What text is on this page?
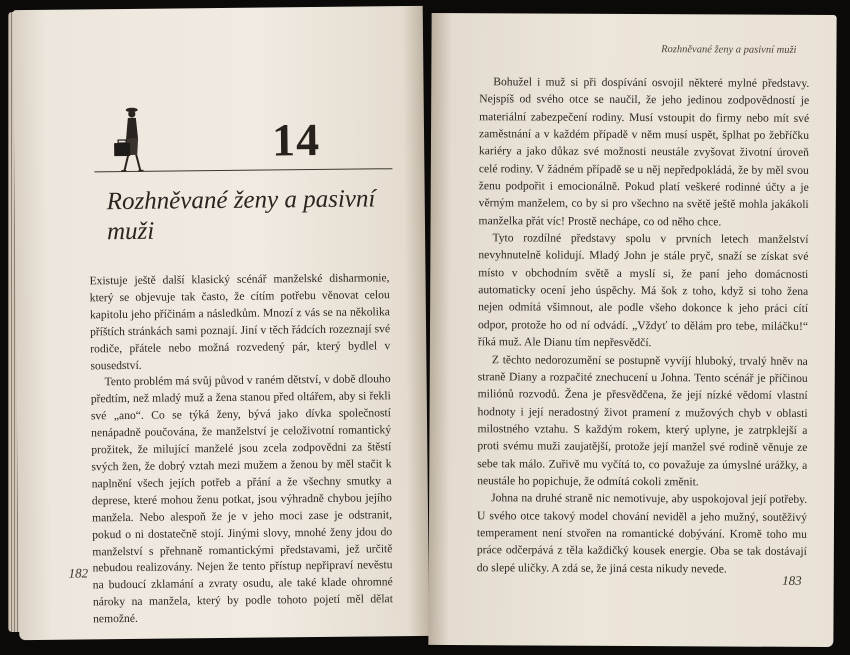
14
Rozhněvané ženy a pasivní muži

Existuje ještě další klasický scénář manželské disharmonie, který se objevuje tak často, že cítím potřebu věnovat celou kapitolu jeho příčinám a následkům. Mnozí z vás se na několika příštích stránkách sami poznají. Jiní v těch řádcích rozeznají své rodiče, přátele nebo možná rozvedený pár, který bydlel v sousedství.

Tento problém má svůj původ v raném dětství, v době dlouho předtím, než mladý muž a žena stanou před oltářem, aby si řekli své „ano“. Co se týká ženy, bývá jako dívka společností nenápadně poučována, že manželství je celoživotní romantický prožitek, že milující manželé jsou zcela zodpovědni za štěstí svých žen, že dobrý vztah mezi mužem a ženou by měl stačit k naplnění všech jejích potřeb a přání a že všechny smutky a deprese, které mohou ženu potkat, jsou výhradně chybou jejího manžela. Nebo alespoň že je v jeho moci zase je odstranit, pokud o ni dostatečně stojí. Jinými slovy, mnohé ženy jdou do manželství s přehnaně romantickými představami, jež určitě nebudou realizovány. Nejen že tento přístup nepřipraví nevěstu na budoucí zklamání a zvraty osudu, ale také klade ohromné nároky na manžela, který by podle tohoto pojetí měl dělat nemožné.

182
Rozhněvané ženy a pasivní muži

Bohužel i muž si při dospívání osvojil některé mylné představy. Nejspíš od svého otce se naučil, že jeho jedinou zodpovědností je materiální zabezpečení rodiny. Musí vstoupit do firmy nebo mít své zaměstnání a v každém případě v něm musí uspět, šplhat po žebříčku kariéry a jako důkaz své možnosti neustále zvyšovat životní úroveň celé rodiny. V žádném případě se u něj nepředpokládá, že by měl svou ženu podpořit i emocionálně. Pokud platí veškeré rodinné účty a je věrným manželem, co by si pro všechno na světě ještě mohla jakákoli manželka přát víc! Prostě nechápe, co od něho chce.

Tyto rozdílné představy spolu v prvních letech manželství nevyhnutelně kolidují. Mladý John je stále pryč, snaží se získat své místo v obchodním světě a myslí si, že paní jeho domácnosti automaticky ocení jeho úspěchy. Má šok z toho, když si toho žena nejen odmítá všimnout, ale podle všeho dokonce k jeho práci cítí odpor, protože ho od ní odvádí. „Vždyť to dělám pro tebe, miláčku!“ říká muž. Ale Dianu tím nepřesvědčí.

Z těchto nedorozumění se postupně vyvíjí hluboký, trvalý hněv na straně Diany a rozpačité znechucení u Johna. Tento scénář je příčinou miliónů rozvodů. Žena je přesvědčena, že její nízké vědomí vlastní hodnoty i její neradostný život pramení z mužových chyb v oblasti milostného vztahu. S každým rokem, který uplyne, je zatrpklejší a proti svému muži zaujatější, protože její manžel své rodině věnuje ze sebe tak málo. Zuřivě mu vyčítá to, co považuje za úmyslné urážky, a neustále ho popichuje, že odmítá cokoli změnit.

Johna na druhé straně nic nemotivuje, aby uspokojoval její potřeby. U svého otce takový model chování neviděl a jeho mužný, soutěživý temperament není stvořen na romantické dobývání. Kromě toho mu práce odčerpává z těla každičký kousek energie. Oba se tak dostávají do slepé uličky. A zdá se, že jiná cesta nikudy nevede.

183
